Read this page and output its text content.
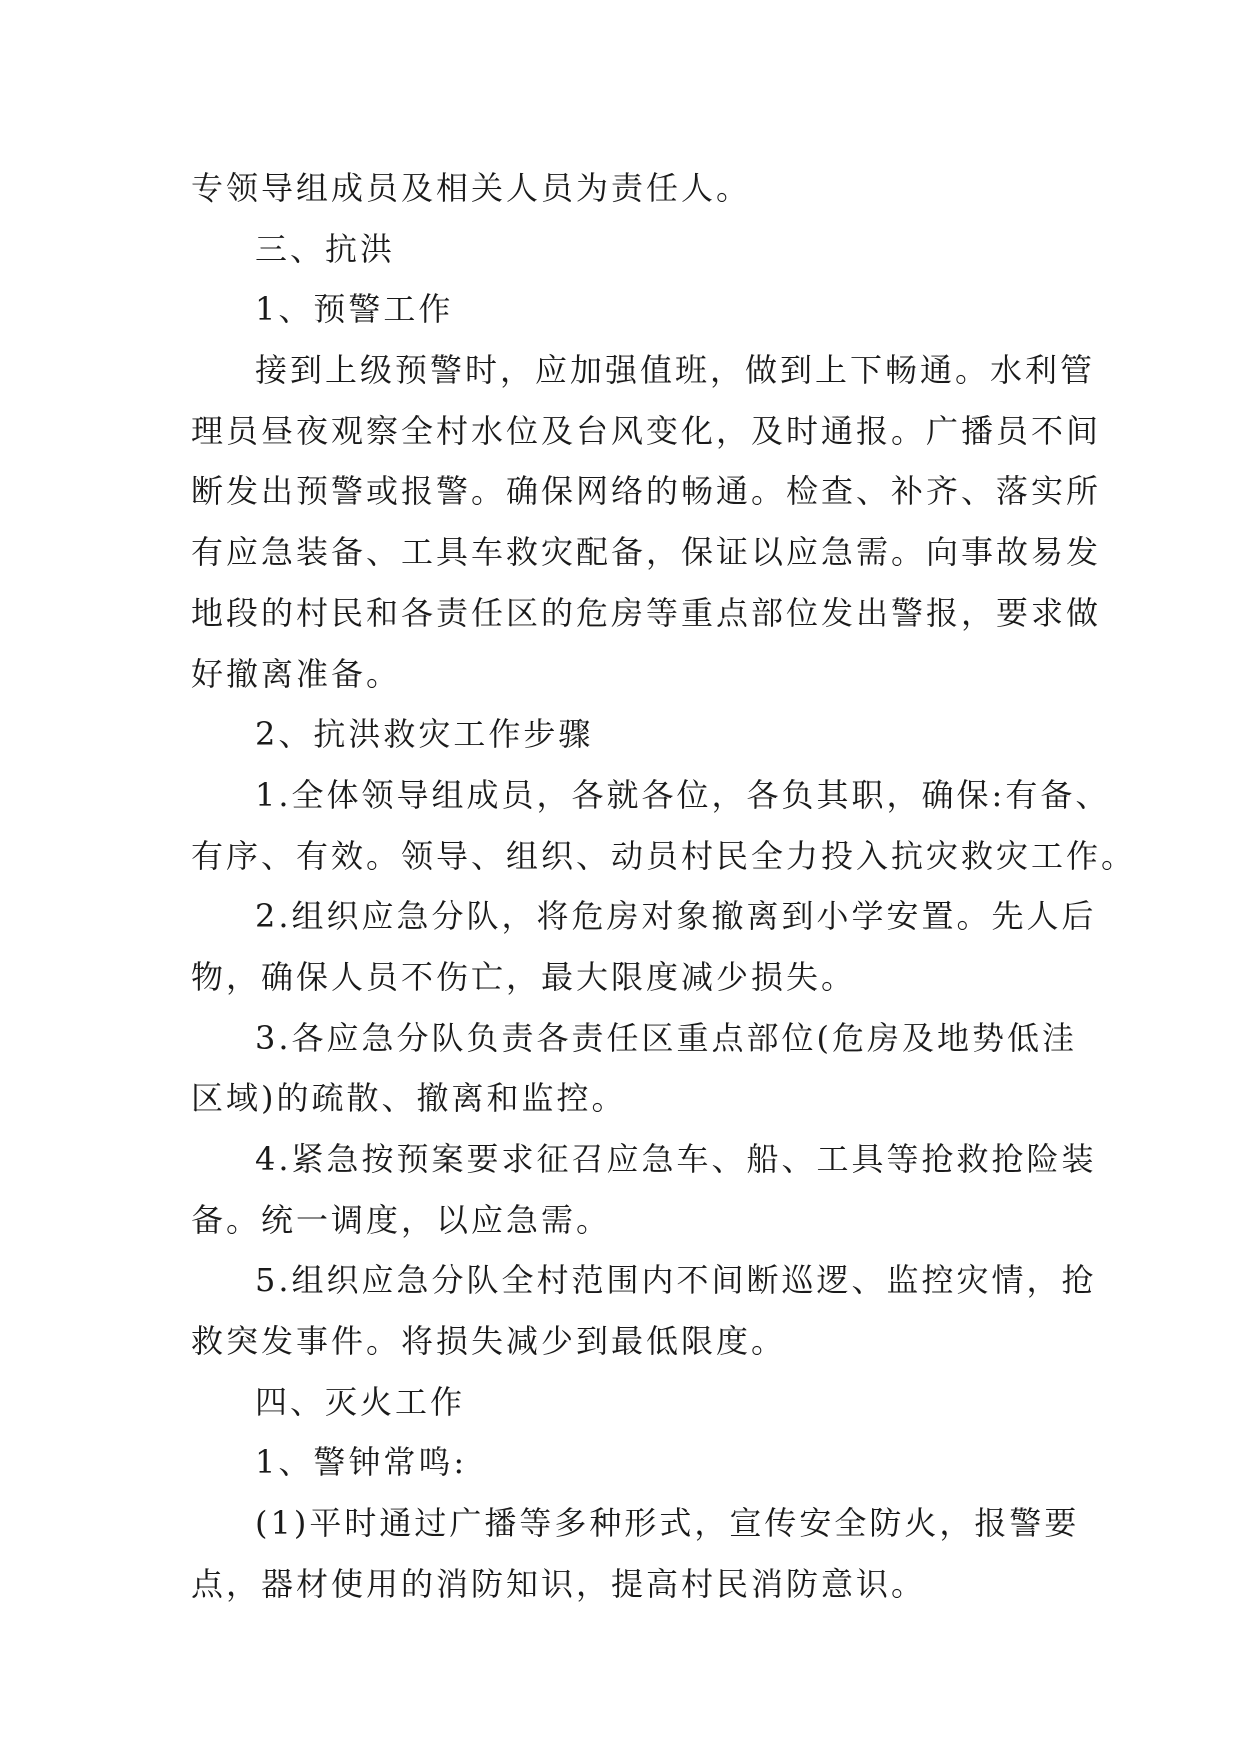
专领导组成员及相关人员为责任人。
三、抗洪
1、预警工作
接到上级预警时，应加强值班，做到上下畅通。水利管
理员昼夜观察全村水位及台风变化，及时通报。广播员不间
断发出预警或报警。确保网络的畅通。检查、补齐、落实所
有应急装备、工具车救灾配备，保证以应急需。向事故易发
地段的村民和各责任区的危房等重点部位发出警报，要求做
好撤离准备。
2、抗洪救灾工作步骤
1.全体领导组成员，各就各位，各负其职，确保:有备、
有序、有效。领导、组织、动员村民全力投入抗灾救灾工作。
2.组织应急分队，将危房对象撤离到小学安置。先人后
物，确保人员不伤亡，最大限度减少损失。
3.各应急分队负责各责任区重点部位(危房及地势低洼
区域)的疏散、撤离和监控。
4.紧急按预案要求征召应急车、船、工具等抢救抢险装
备。统一调度，以应急需。
5.组织应急分队全村范围内不间断巡逻、监控灾情，抢
救突发事件。将损失减少到最低限度。
四、灭火工作
1、警钟常鸣:
(1)平时通过广播等多种形式，宣传安全防火，报警要
点，器材使用的消防知识，提高村民消防意识。
